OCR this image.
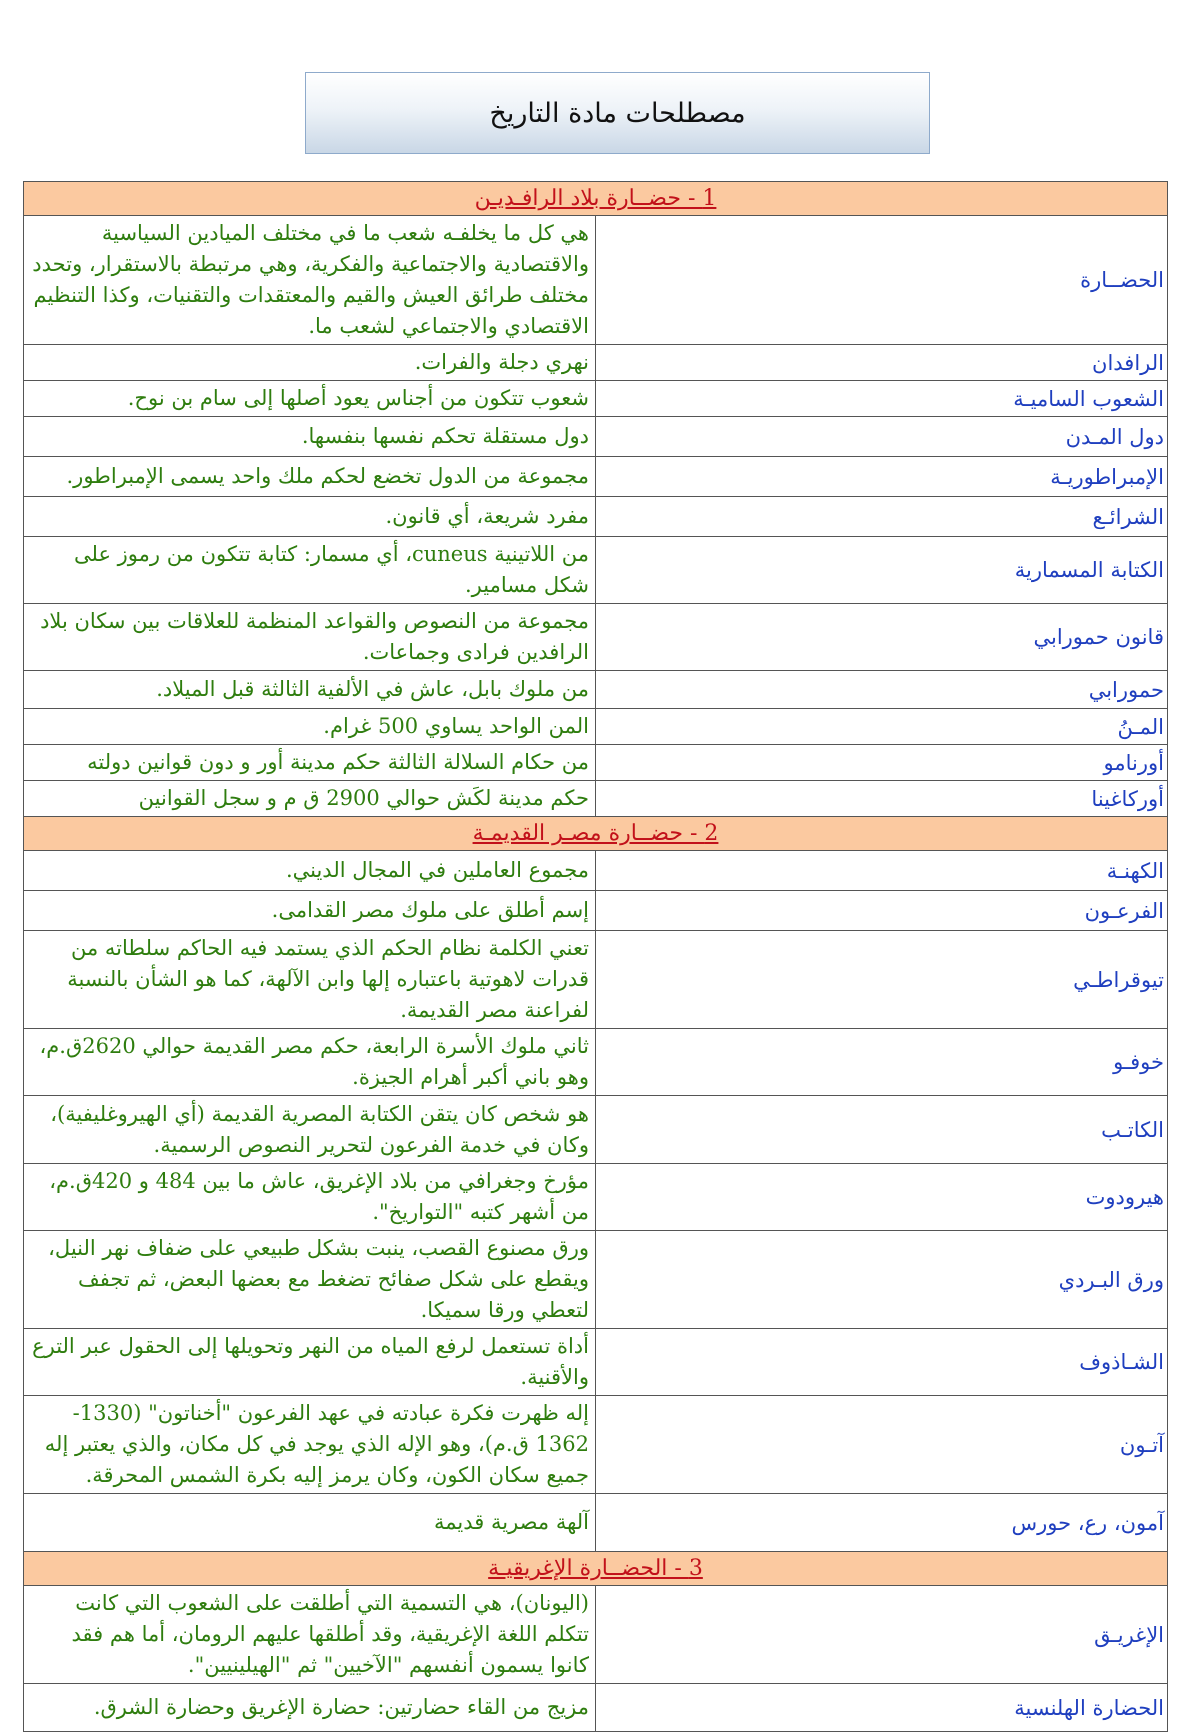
مصطلحات مادة التاريخ
1 - حضــارة بلاد الرافـديـن	
الحضــارة	هي كل ما يخلفـه شعب ما في مختلف الميادين السياسية والاقتصادية والاجتماعية والفكرية، وهي مرتبطة بالاستقرار، وتحدد مختلف طرائق العيش والقيم والمعتقدات والتقنيات، وكذا التنظيم الاقتصادي والاجتماعي لشعب ما.
الرافدان	نهري دجلة والفرات.
الشعوب الساميـة	شعوب تتكون من أجناس يعود أصلها إلى سام بن نوح.
دول المـدن	دول مستقلة تحكم نفسها بنفسها.
الإمبراطوريـة	مجموعة من الدول تخضع لحكم ملك واحد يسمى الإمبراطور.
الشرائـع	مفرد شريعة، أي قانون.
الكتابة المسمارية	من اللاتينية cuneus، أي مسمار: كتابة تتكون من رموز على شكل مسامير.
قانون حمورابي	مجموعة من النصوص والقواعد المنظمة للعلاقات بين سكان بلاد الرافدين فرادى وجماعات.
حمورابي	من ملوك بابل، عاش في الألفية الثالثة قبل الميلاد.
المـنُ	المن الواحد يساوي 500 غرام.
أورنامو	من حكام السلالة الثالثة حكم مدينة أور و دون قوانين دولته
أوركاغينا	حكم مدينة لكَش حوالي 2900 ق م و سجل القوانين
2 - حضــارة مصـر القديمـة	
الكهنـة	مجموع العاملين في المجال الديني.
الفرعـون	إسم أطلق على ملوك مصر القدامى.
تيوقراطـي	تعني الكلمة نظام الحكم الذي يستمد فيه الحاكم سلطاته من قدرات لاهوتية باعتباره إلها وابن الآلهة، كما هو الشأن بالنسبة لفراعنة مصر القديمة.
خوفـو	ثاني ملوك الأسرة الرابعة، حكم مصر القديمة حوالي 2620ق.م، وهو باني أكبر أهرام الجيزة.
الكاتـب	هو شخص كان يتقن الكتابة المصرية القديمة (أي الهيروغليفية)، وكان في خدمة الفرعون لتحرير النصوص الرسمية.
هيرودوت	مؤرخ وجغرافي من بلاد الإغريق، عاش ما بين 484 و 420ق.م، من أشهر كتبه "التواريخ".
ورق البـردي	ورق مصنوع القصب، ينبت بشكل طبيعي على ضفاف نهر النيل، ويقطع على شكل صفائح تضغط مع بعضها البعض، ثم تجفف لتعطي ورقا سميكا.
الشـاذوف	أداة تستعمل لرفع المياه من النهر وتحويلها إلى الحقول عبر الترع والأقنية.
آتـون	إله ظهرت فكرة عبادته في عهد الفرعون "أخناتون" (1330-1362 ق.م)، وهو الإله الذي يوجد في كل مكان، والذي يعتبر إله جميع سكان الكون، وكان يرمز إليه بكرة الشمس المحرقة.
آمون، رع، حورس	آلهة مصرية قديمة
3 - الحضــارة الإغريقيـة	
الإغريـق	(اليونان)، هي التسمية التي أطلقت على الشعوب التي كانت تتكلم اللغة الإغريقية، وقد أطلقها عليهم الرومان، أما هم فقد كانوا يسمون أنفسهم "الآخيين" ثم "الهيلينيين".
الحضارة الهلنسية	مزيج من القاء حضارتين: حضارة الإغريق وحضارة الشرق.
